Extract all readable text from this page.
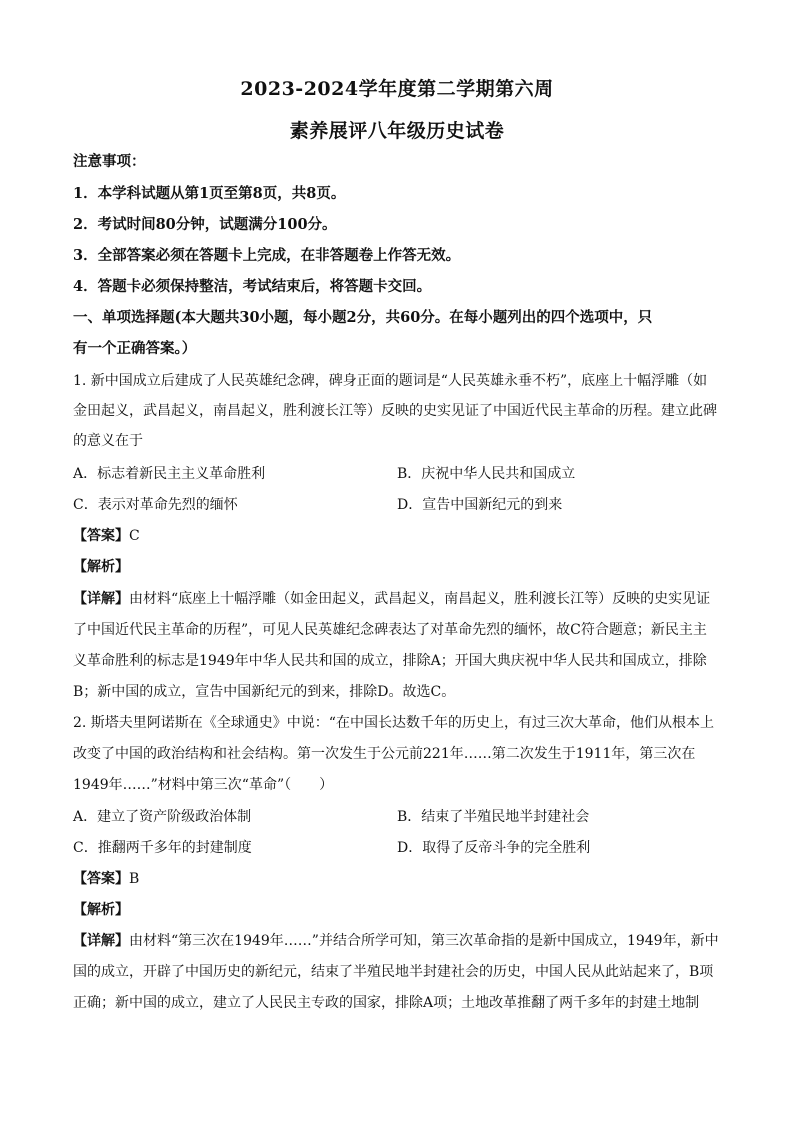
2023-2024学年度第二学期第六周
素养展评八年级历史试卷
注意事项：
1．本学科试题从第1页至第8页，共8页。
2．考试时间80分钟，试题满分100分。
3．全部答案必须在答题卡上完成，在非答题卷上作答无效。
4．答题卡必须保持整洁，考试结束后，将答题卡交回。
一、单项选择题(本大题共30小题，每小题2分，共60分。在每小题列出的四个选项中，只
有一个正确答案。）
1. 新中国成立后建成了人民英雄纪念碑，碑身正面的题词是“人民英雄永垂不朽”，底座上十幅浮雕（如
金田起义，武昌起义，南昌起义，胜利渡长江等）反映的史实见证了中国近代民主革命的历程。建立此碑
的意义在于
A．标志着新民主主义革命胜利	B．庆祝中华人民共和国成立
C．表示对革命先烈的缅怀	D．宣告中国新纪元的到来
【答案】C
【解析】
【详解】由材料“底座上十幅浮雕（如金田起义，武昌起义，南昌起义，胜利渡长江等）反映的史实见证
了中国近代民主革命的历程”，可见人民英雄纪念碑表达了对革命先烈的缅怀，故C符合题意；新民主主
义革命胜利的标志是1949年中华人民共和国的成立，排除A；开国大典庆祝中华人民共和国成立，排除
B；新中国的成立，宣告中国新纪元的到来，排除D。故选C。
2. 斯塔夫里阿诺斯在《全球通史》中说：“在中国长达数千年的历史上，有过三次大革命，他们从根本上
改变了中国的政治结构和社会结构。第一次发生于公元前221年……第二次发生于1911年，第三次在
1949年……”材料中第三次“革命”（　　）
A．建立了资产阶级政治体制	B．结束了半殖民地半封建社会
C．推翻两千多年的封建制度	D．取得了反帝斗争的完全胜利
【答案】B
【解析】
【详解】由材料“第三次在1949年……”并结合所学可知，第三次革命指的是新中国成立，1949年，新中
国的成立，开辟了中国历史的新纪元，结束了半殖民地半封建社会的历史，中国人民从此站起来了，B项
正确；新中国的成立，建立了人民民主专政的国家，排除A项；土地改革推翻了两千多年的封建土地制
